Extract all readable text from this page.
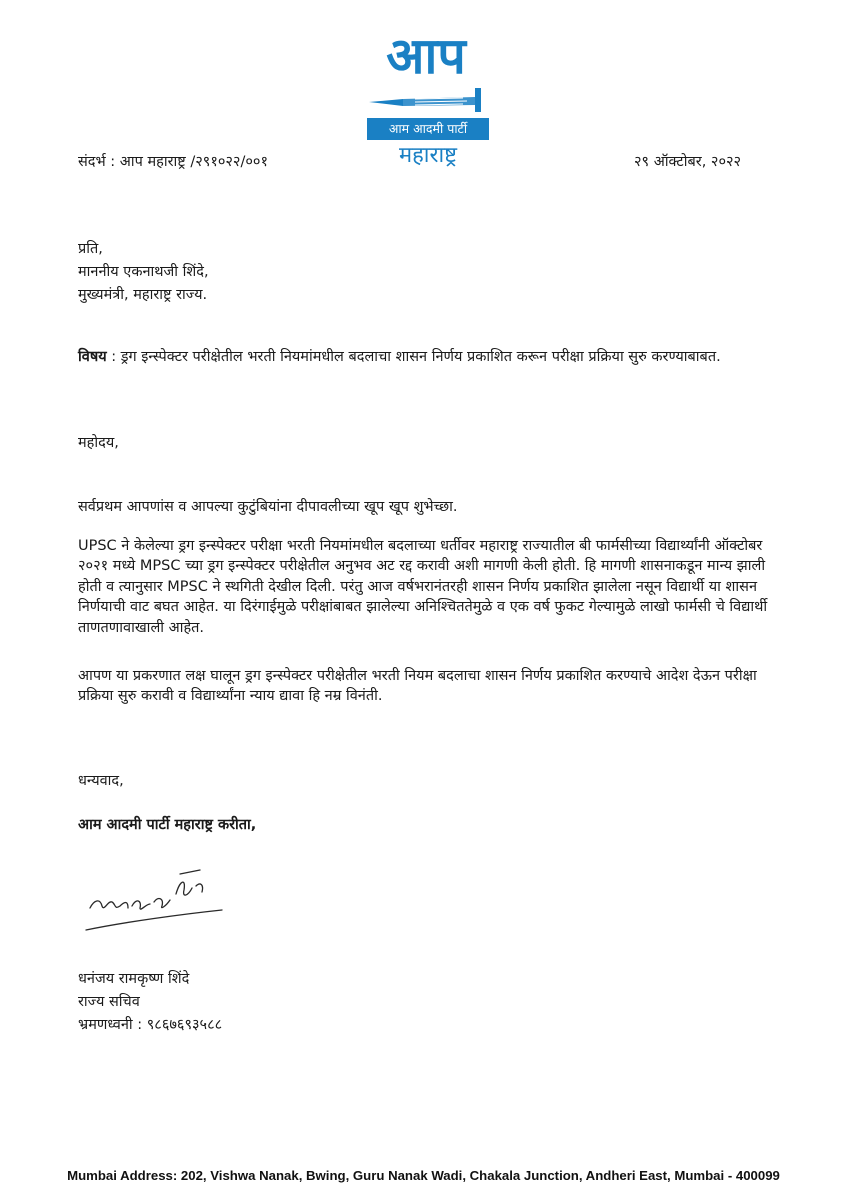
आप
आम आदमी पार्टी
महाराष्ट्र
संदर्भ : आप महाराष्ट्र /२९१०२२/००१	२९ ऑक्टोबर, २०२२
प्रति,
माननीय एकनाथजी शिंदे,
मुख्यमंत्री, महाराष्ट्र राज्य.
विषय : ड्रग इन्स्पेक्टर परीक्षेतील भरती नियमांमधील बदलाचा शासन निर्णय प्रकाशित करून परीक्षा प्रक्रिया सुरु करण्याबाबत.
महोदय,
सर्वप्रथम आपणांस व आपल्या कुटुंबियांना दीपावलीच्या खूप खूप शुभेच्छा.
UPSC ने केलेल्या ड्रग इन्स्पेक्टर परीक्षा भरती नियमांमधील बदलाच्या धर्तीवर महाराष्ट्र राज्यातील बी फार्मसीच्या विद्यार्थ्यांनी ऑक्टोबर २०२१ मध्ये MPSC च्या ड्रग इन्स्पेक्टर परीक्षेतील अनुभव अट रद्द करावी अशी मागणी केली होती. हि मागणी शासनाकडून मान्य झाली होती व त्यानुसार MPSC ने स्थगिती देखील दिली. परंतु आज वर्षभरानंतरही शासन निर्णय प्रकाशित झालेला नसून विद्यार्थी या शासन निर्णयाची वाट बघत आहेत. या दिरंगाईमुळे परीक्षांबाबत झालेल्या अनिश्चिततेमुळे व एक वर्ष फुकट गेल्यामुळे लाखो फार्मसी चे विद्यार्थी ताणतणावाखाली आहेत.
आपण या प्रकरणात लक्ष घालून ड्रग इन्स्पेक्टर परीक्षेतील भरती नियम बदलाचा शासन निर्णय प्रकाशित करण्याचे आदेश देऊन परीक्षा प्रक्रिया सुरु करावी व विद्यार्थ्यांना न्याय द्यावा हि नम्र विनंती.
धन्यवाद,
आम आदमी पार्टी महाराष्ट्र करीता,
धनंजय रामकृष्ण शिंदे
राज्य सचिव
भ्रमणध्वनी : ९८६७६९३५८८
Mumbai Address: 202, Vishwa Nanak, Bwing, Guru Nanak Wadi, Chakala Junction, Andheri East, Mumbai - 400099
